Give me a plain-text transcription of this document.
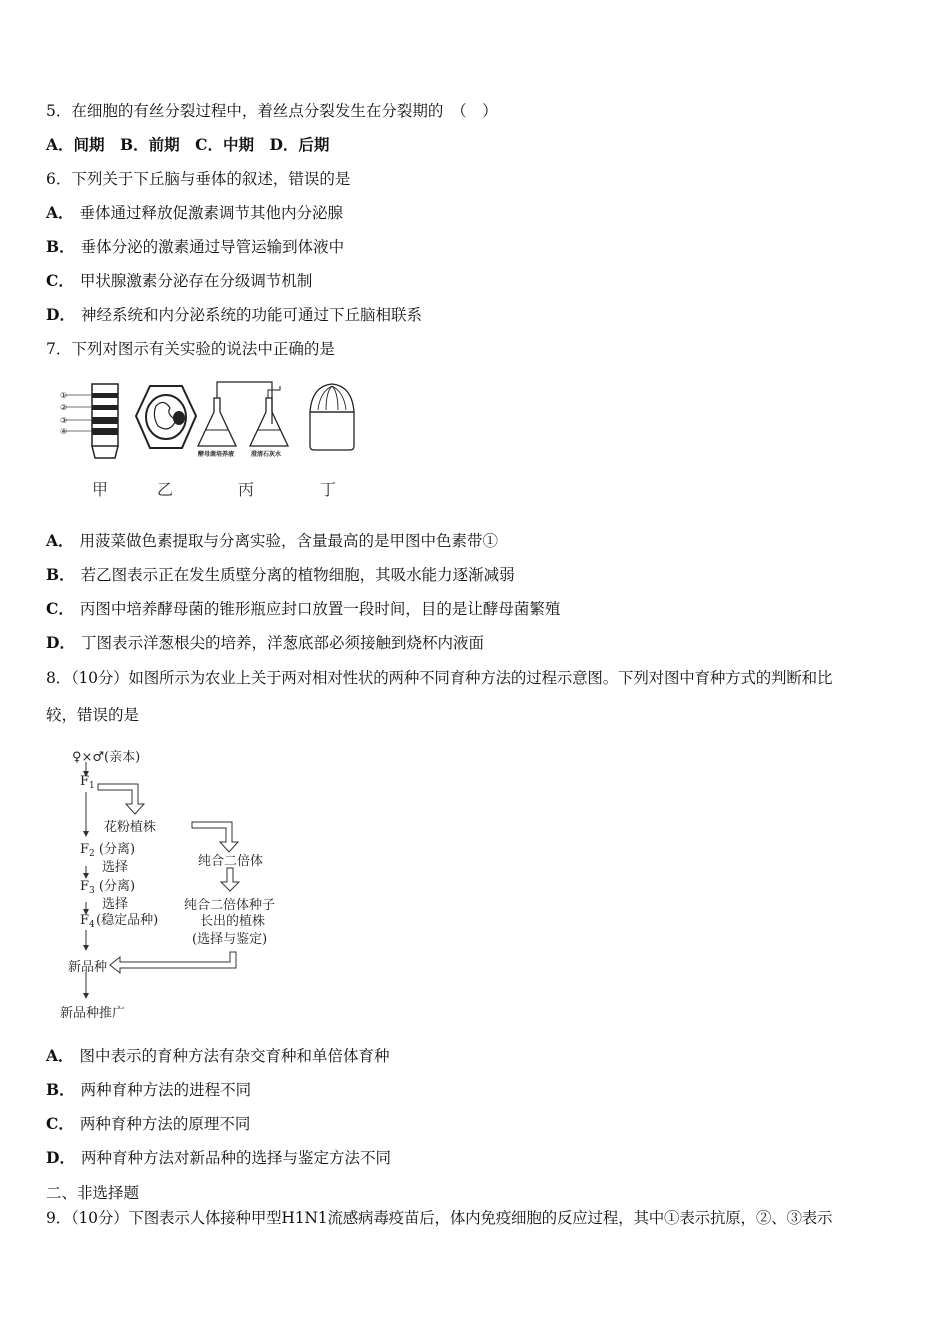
5．在细胞的有丝分裂过程中，着丝点分裂发生在分裂期的　（　）
A．间期　B．前期　C．中期　D．后期
6．下列关于下丘脑与垂体的叙述，错误的是
A． 垂体通过释放促激素调节其他内分泌腺
B． 垂体分泌的激素通过导管运输到体液中
C． 甲状腺激素分泌存在分级调节机制
D． 神经系统和内分泌系统的功能可通过下丘脑相联系
7．下列对图示有关实验的说法中正确的是
①
②
③
④
酵母菌培养液	澄清石灰水
甲	乙	丙	丁
A． 用菠菜做色素提取与分离实验，含量最高的是甲图中色素带①
B． 若乙图表示正在发生质壁分离的植物细胞，其吸水能力逐渐减弱
C． 丙图中培养酵母菌的锥形瓶应封口放置一段时间，目的是让酵母菌繁殖
D． 丁图表示洋葱根尖的培养，洋葱底部必须接触到烧杯内液面
8．（10分）如图所示为农业上关于两对相对性状的两种不同育种方法的过程示意图。下列对图中育种方式的判断和比
较，错误的是
♀×♂(亲本)
$F_1$
花粉植株
$F_2$ (分离)
选择
$F_3$ (分离)
选择
(稳定品种)
$F_4$
纯合二倍体
纯合二倍体种子
长出的植株
(选择与鉴定)
新品种
新品种推广
A． 图中表示的育种方法有杂交育种和单倍体育种
B． 两种育种方法的进程不同
C． 两种育种方法的原理不同
D． 两种育种方法对新品种的选择与鉴定方法不同
二、非选择题
9．（10分）下图表示人体接种甲型H1N1流感病毒疫苗后，体内免疫细胞的反应过程，其中①表示抗原，②、③表示
